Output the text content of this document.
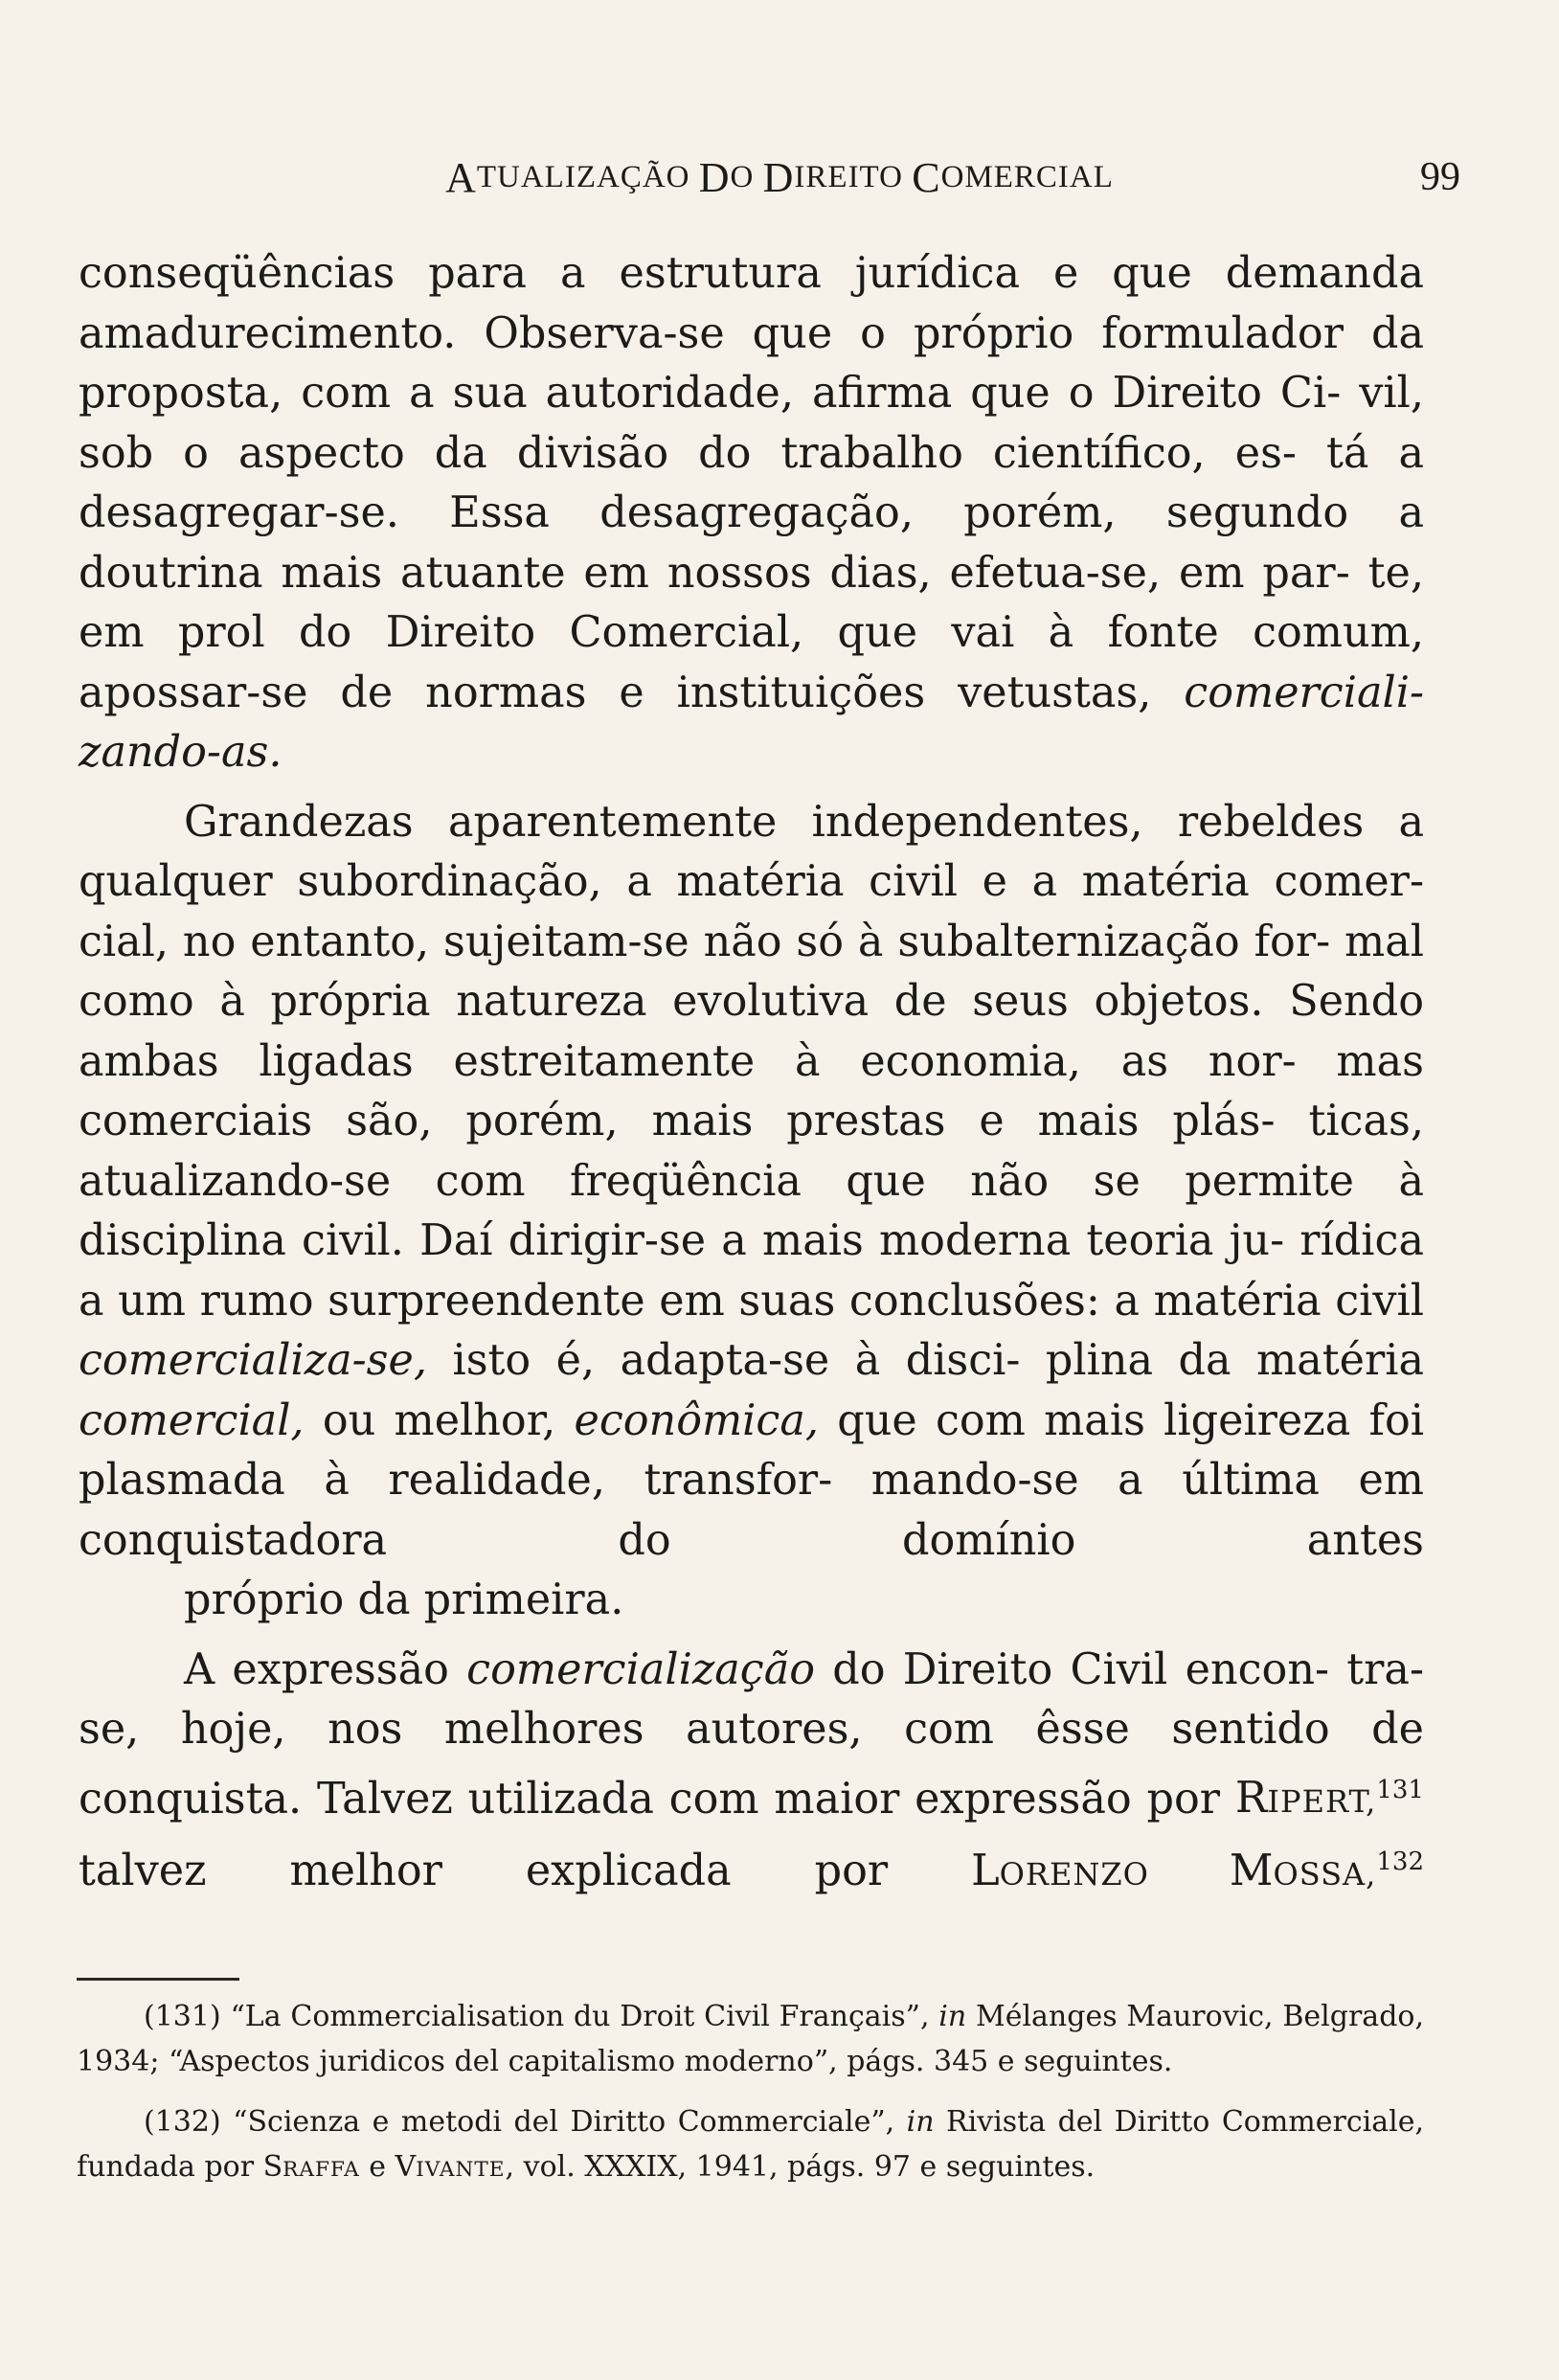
A TUALIZAÇÃO D O D IREITO C OMERCIAL	99

conseqüências para a estrutura jurídica e que demanda amadurecimento. Observa-se que o próprio formulador da proposta, com a sua autoridade, afirma que o Direito Ci- vil, sob o aspecto da divisão do trabalho científico, es- tá a desagregar-se. Essa desagregação, porém, segundo a doutrina mais atuante em nossos dias, efetua-se, em par- te, em prol do Direito Comercial, que vai à fonte comum, apossar-se de normas e instituições vetustas, comerciali-
zando-as.

Grandezas aparentemente independentes, rebeldes a qualquer subordinação, a matéria civil e a matéria comer- cial, no entanto, sujeitam-se não só à subalternização for- mal como à própria natureza evolutiva de seus objetos. Sendo ambas ligadas estreitamente à economia, as nor- mas comerciais são, porém, mais prestas e mais plás- ticas, atualizando-se com freqüência que não se permite à disciplina civil. Daí dirigir-se a mais moderna teoria ju- rídica a um rumo surpreendente em suas conclusões: a matéria civil comercializa-se, isto é, adapta-se à disci- plina da matéria comercial, ou melhor, econômica, que com mais ligeireza foi plasmada à realidade, transfor- mando-se a última em conquistadora do domínio antes
próprio da primeira.

A expressão comercialização do Direito Civil encon- tra-se, hoje, nos melhores autores, com êsse sentido de conquista. Talvez utilizada com maior expressão por RIPERT,$^{131}$ talvez melhor explicada por LORENZO MOSSA,$^{132}$

(131) “La Commercialisation du Droit Civil Français”, in Mélanges Maurovic, Belgrado, 1934; “Aspectos juridicos del capitalismo moderno”, págs. 345 e seguintes.

(132) “Scienza e metodi del Diritto Commerciale”, in Rivista del Diritto Commerciale, fundada por SRAFFA e VIVANTE, vol. XXXIX, 1941, págs. 97 e seguintes.
